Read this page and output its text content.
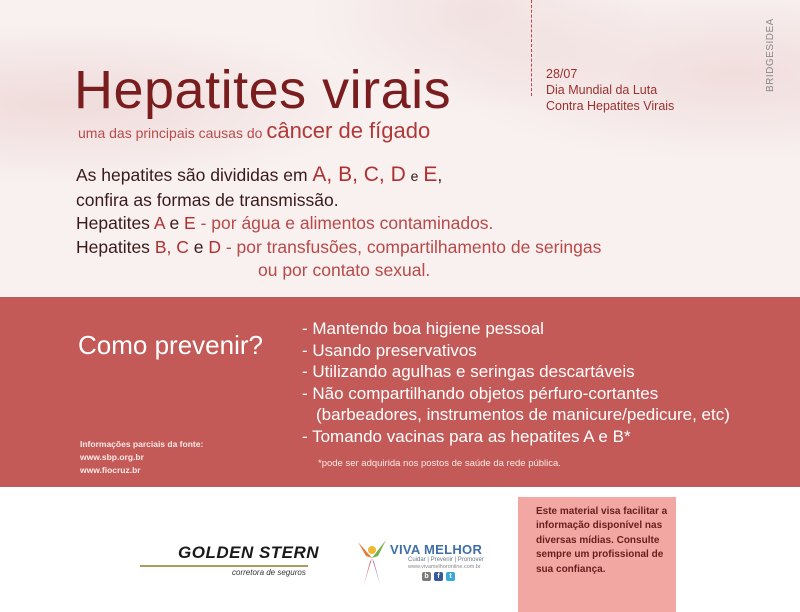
Hepatites virais
uma das principais causas do câncer de fígado
28/07
Dia Mundial da Luta
Contra Hepatites Virais
BRIDGESIDEA
As hepatites são divididas em A, B, C, D e E,
confira as formas de transmissão.
Hepatites A e E - por água e alimentos contaminados.
Hepatites B, C e D - por transfusões, compartilhamento de seringas
ou por contato sexual.
Como prevenir?
- Mantendo boa higiene pessoal
- Usando preservativos
- Utilizando agulhas e seringas descartáveis
- Não compartilhando objetos pérfuro-cortantes
(barbeadores, instrumentos de manicure/pedicure, etc)
- Tomando vacinas para as hepatites A e B*
*pode ser adquirida nos postos de saúde da rede pública.
Informações parciais da fonte:
www.sbp.org.br
www.fiocruz.br
GOLDEN STERN
corretora de seguros
VIVA MELHOR
Cuidar | Prevenir | Promover
www.vivamelhoronline.com.br
b	f	t

Este material visa facilitar a informação disponível nas diversas mídias. Consulte sempre um profissional de sua confiança.
